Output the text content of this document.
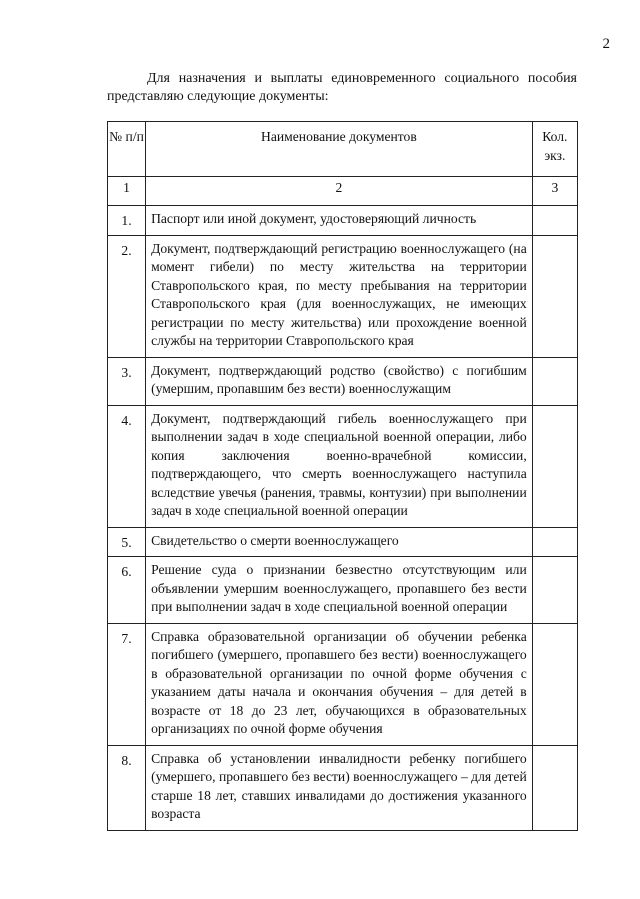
2
Для назначения и выплаты единовременного социального пособия
представляю следующие документы:
№ п/п	Наименование документов	Кол. экз.
1	2	3
1.	Паспорт или иной документ, удостоверяющий личность	
2.	Документ, подтверждающий регистрацию военнослужащего (на момент гибели) по месту жительства на территории Ставропольского края, по месту пребывания на территории Ставропольского края (для военнослужащих, не имеющих регистрации по месту жительства) или прохождение военной службы на территории Ставропольского края	
3.	Документ, подтверждающий родство (свойство) с погибшим (умершим, пропавшим без вести) военнослужащим	
4.	Документ, подтверждающий гибель военнослужащего при выполнении задач в ходе специальной военной операции, либо копия заключения военно-врачебной комиссии, подтверждающего, что смерть военнослужащего наступила вследствие увечья (ранения, травмы, контузии) при выполнении задач в ходе специальной военной операции	
5.	Свидетельство о смерти военнослужащего	
6.	Решение суда о признании безвестно отсутствующим или объявлении умершим военнослужащего, пропавшего без вести при выполнении задач в ходе специальной военной операции	
7.	Справка образовательной организации об обучении ребенка погибшего (умершего, пропавшего без вести) военнослужащего в образовательной организации по очной форме обучения с указанием даты начала и окончания обучения – для детей в возрасте от 18 до 23 лет, обучающихся в образовательных организациях по очной форме обучения	
8.	Справка об установлении инвалидности ребенку погибшего (умершего, пропавшего без вести) военнослужащего – для детей старше 18 лет, ставших инвалидами до достижения указанного возраста	
